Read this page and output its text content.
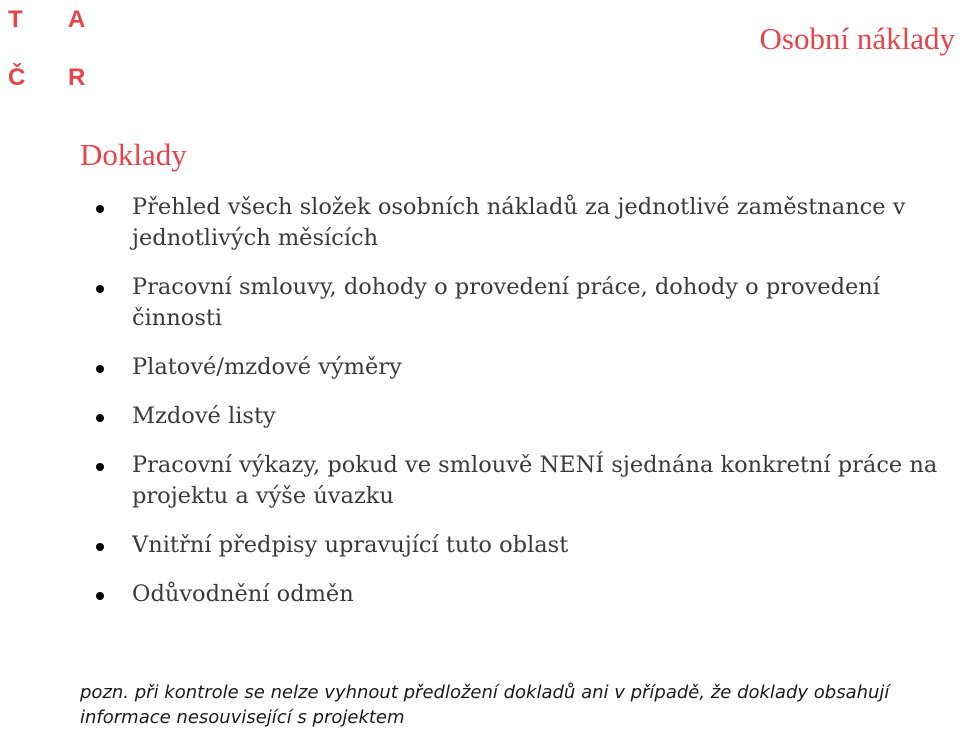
T A
Č R
Osobní náklady
Doklady
Přehled všech složek osobních nákladů za jednotlivé zaměstnance v jednotlivých měsících
Pracovní smlouvy, dohody o provedení práce, dohody o provedení činnosti
Platové/mzdové výměry
Mzdové listy
Pracovní výkazy, pokud ve smlouvě NENÍ sjednána konkretní práce na projektu a výše úvazku
Vnitřní předpisy upravující tuto oblast
Odůvodnění odměn
pozn. při kontrole se nelze vyhnout předložení dokladů ani v případě, že doklady obsahují informace nesouvisející s projektem
